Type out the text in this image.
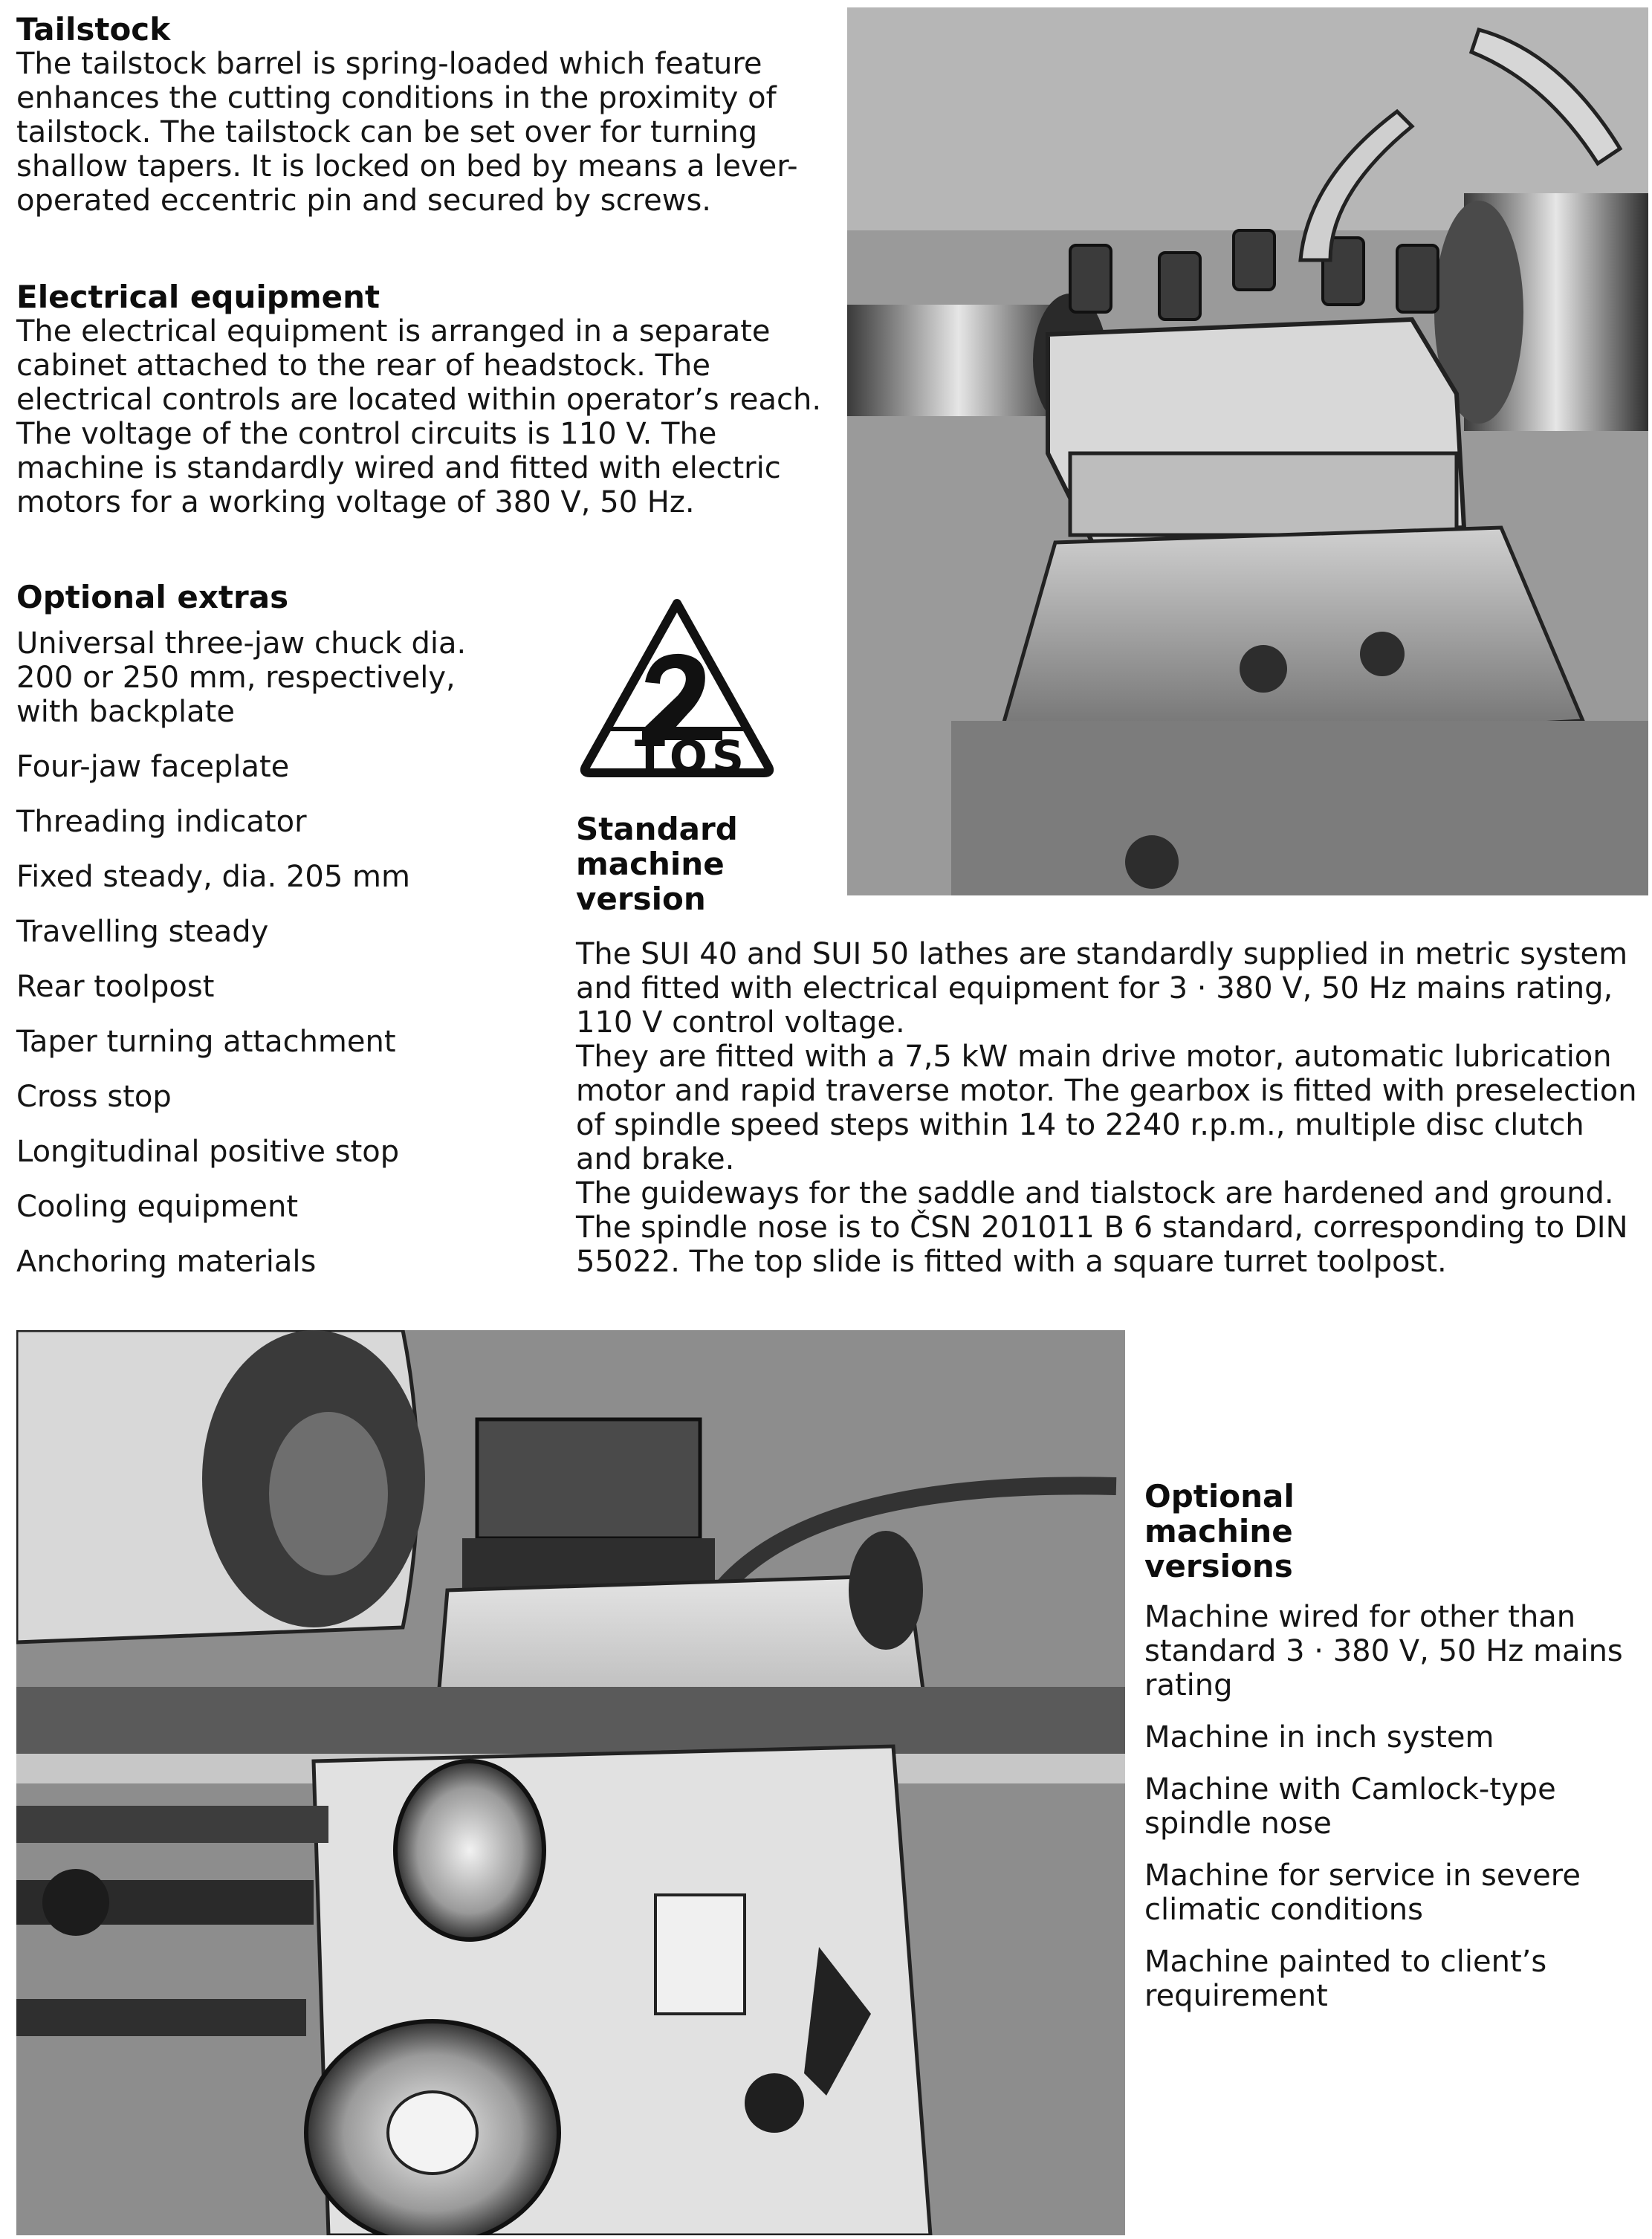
Tailstock

The tailstock barrel is spring-loaded which feature enhances the cutting conditions in the proximity of tailstock. The tailstock can be set over for turning shallow tapers. It is locked on bed by means a lever-operated eccentric pin and secured by screws.

Electrical equipment

The electrical equipment is arranged in a separate cabinet attached to the rear of headstock. The electrical controls are located within operator’s reach. The voltage of the control circuits is 110 V. The machine is standardly wired and fitted with electric motors for a working voltage of 380 V, 50 Hz.

Optional extras
Universal three-jaw chuck dia. 200 or 250 mm, respectively, with backplate
Four-jaw faceplate
Threading indicator
Fixed steady, dia. 205 mm
Travelling steady
Rear toolpost
Taper turning attachment
Cross stop
Longitudinal positive stop
Cooling equipment
Anchoring materials
TOS
Standard machine version

The SUI 40 and SUI 50 lathes are standardly supplied in metric system and fitted with electrical equipment for 3 · 380 V, 50 Hz mains rating, 110 V control voltage.

They are fitted with a 7,5 kW main drive motor, automatic lubrication motor and rapid traverse motor. The gearbox is fitted with preselection of spindle speed steps within 14 to 2240 r.p.m., multiple disc clutch and brake.

The guideways for the saddle and tialstock are hardened and ground. The spindle nose is to ČSN 201011 B 6 standard, corresponding to DIN 55022. The top slide is fitted with a square turret toolpost.

Optional machine versions
Machine wired for other than standard 3 · 380 V, 50 Hz mains rating
Machine in inch system
Machine with Camlock-type spindle nose
Machine for service in severe climatic conditions
Machine painted to client’s requirement
